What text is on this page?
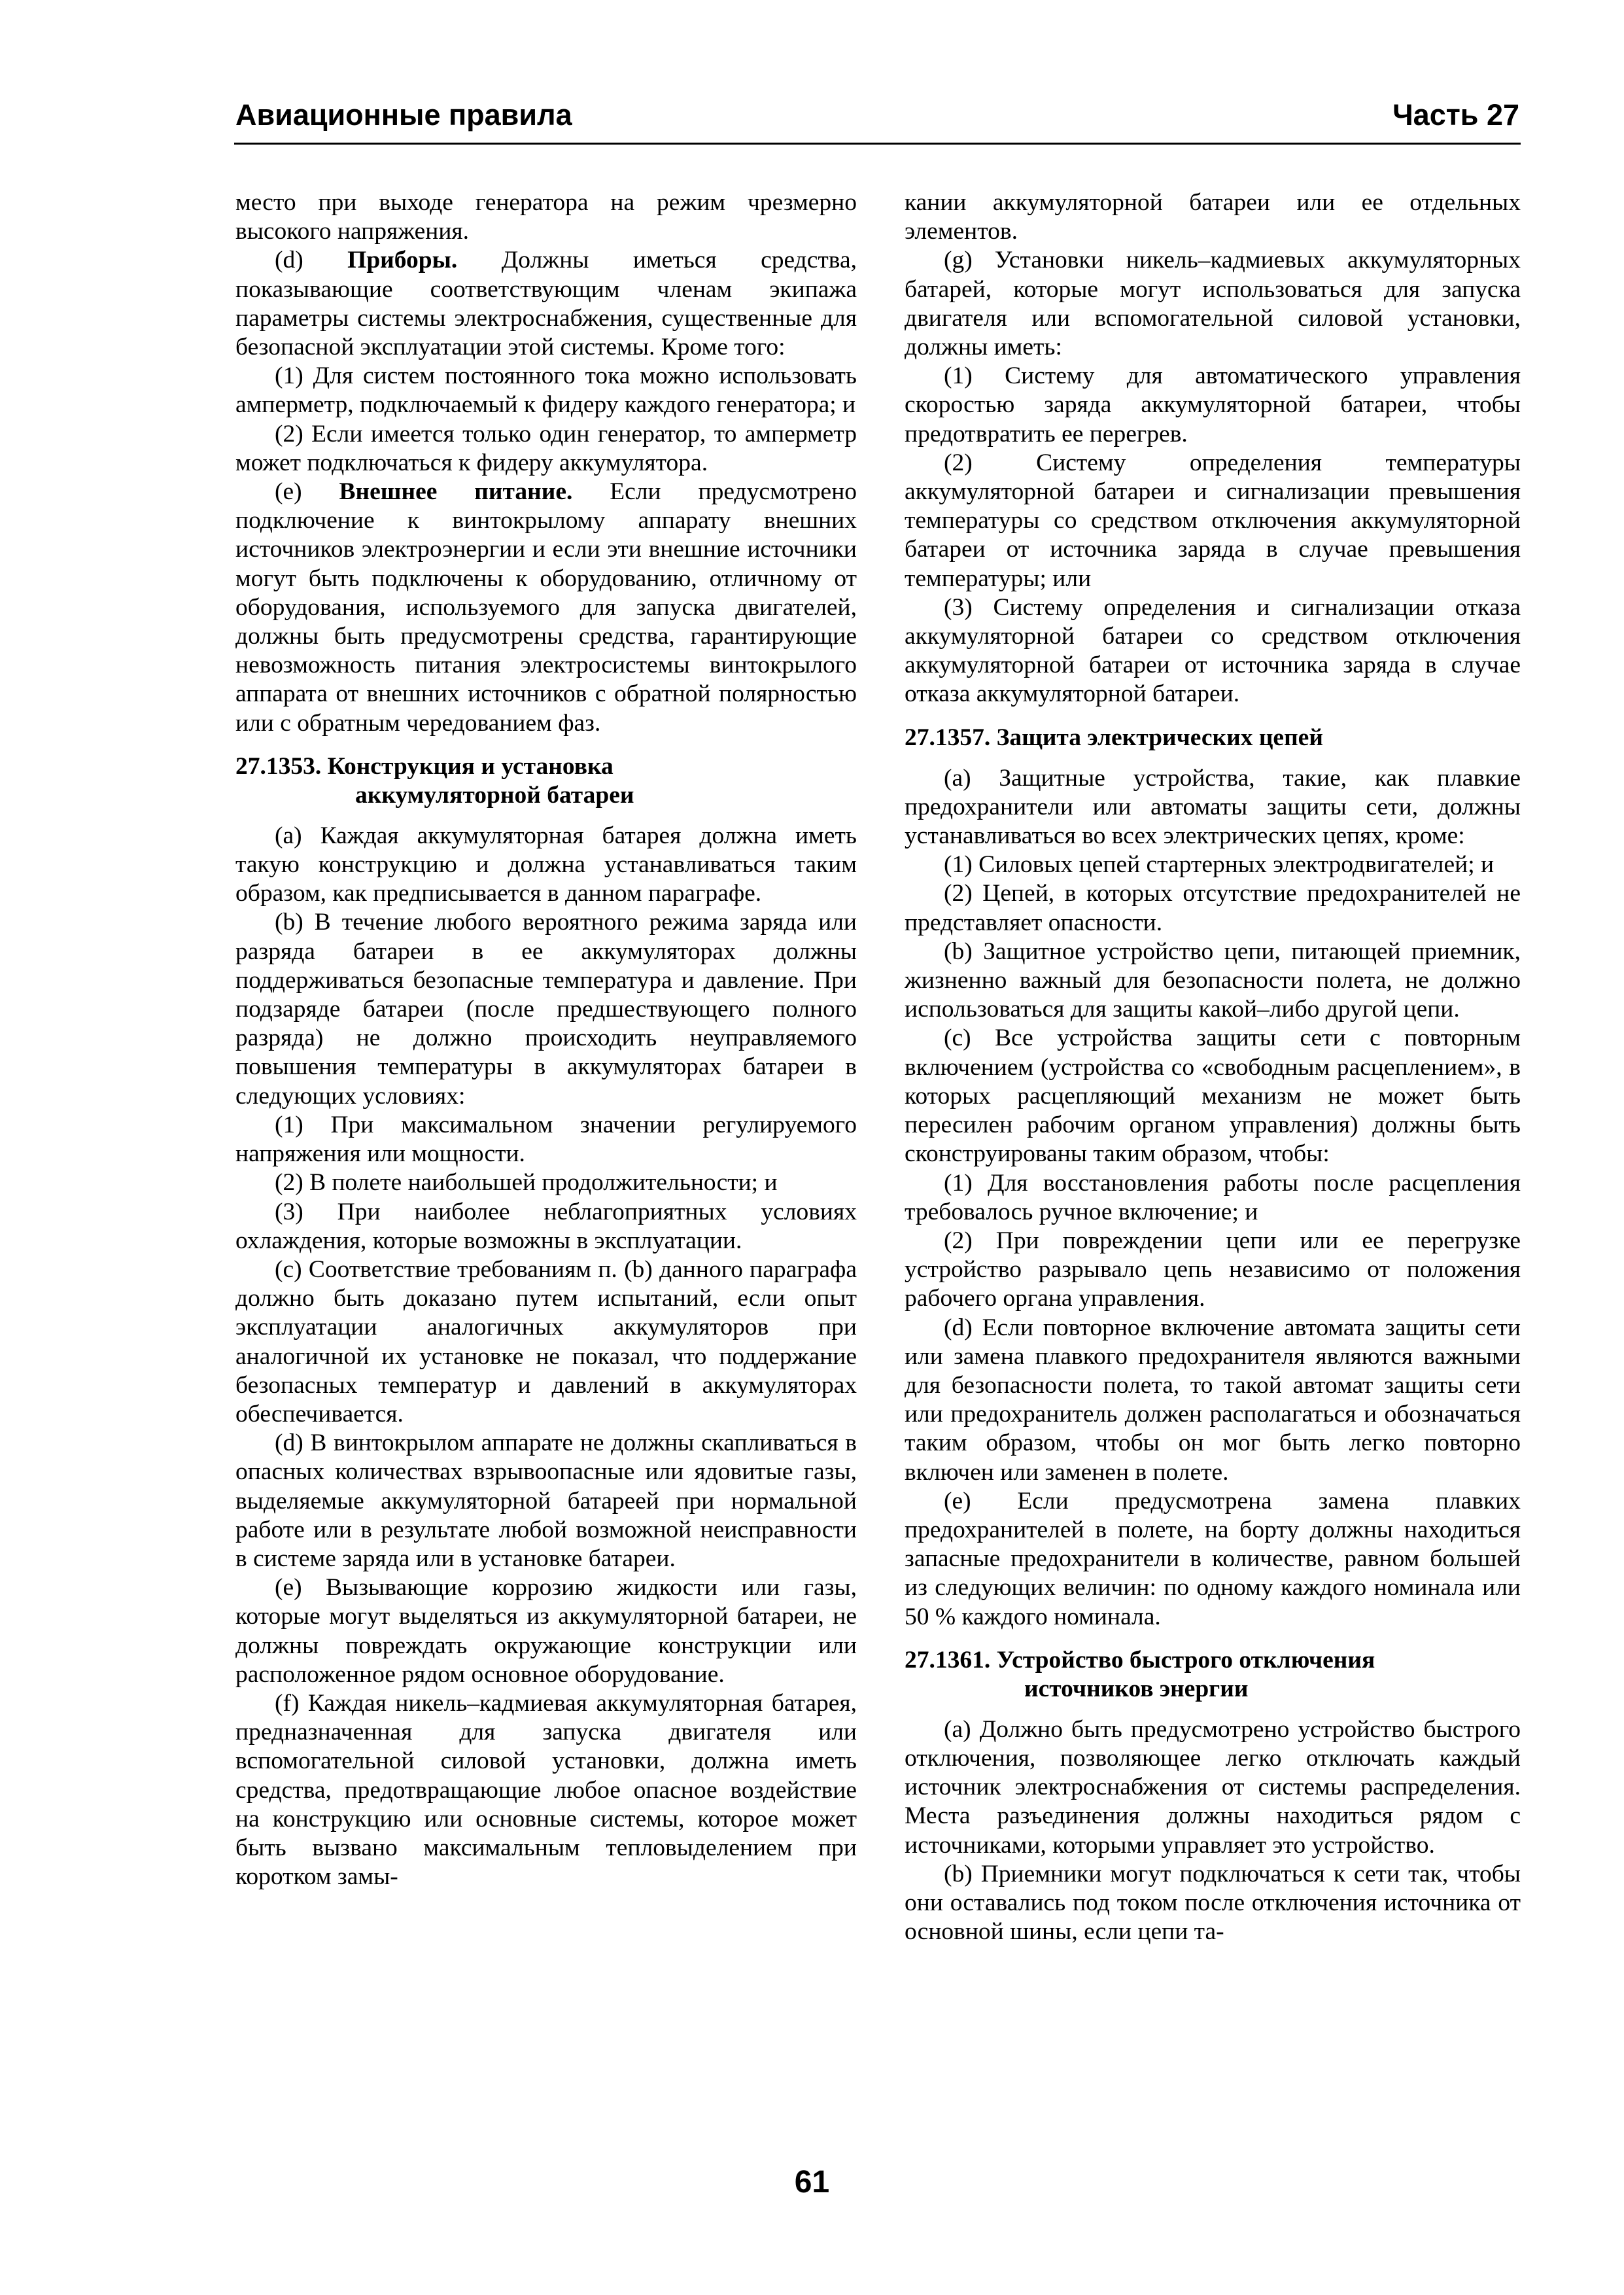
Авиационные правила	Часть 27

место при выходе генератора на режим чрезмерно высокого напряжения.

(d) Приборы. Должны иметься средства, показывающие соответствующим членам экипажа параметры системы электроснабжения, существенные для безопасной эксплуатации этой системы. Кроме того:

(1) Для систем постоянного тока можно использовать амперметр, подключаемый к фидеру каждого генератора; и

(2) Если имеется только один генератор, то амперметр может подключаться к фидеру аккумулятора.

(e) Внешнее питание. Если предусмотрено подключение к винтокрылому аппарату внешних источников электроэнергии и если эти внешние источники могут быть подключены к оборудованию, отличному от оборудования, используемого для запуска двигателей, должны быть предусмотрены средства, гарантирующие невозможность питания электросистемы винтокрылого аппарата от внешних источников с обратной полярностью или с обратным чередованием фаз.

27.1353. Конструкция и установка
аккумуляторной батареи

(a) Каждая аккумуляторная батарея должна иметь такую конструкцию и должна устанавливаться таким образом, как предписывается в данном параграфе.

(b) В течение любого вероятного режима заряда или разряда батареи в ее аккумуляторах должны поддерживаться безопасные температура и давление. При подзаряде батареи (после предшествующего полного разряда) не должно происходить неуправляемого повышения температуры в аккумуляторах батареи в следующих условиях:

(1) При максимальном значении регулируемого напряжения или мощности.

(2) В полете наибольшей продолжительности; и

(3) При наиболее неблагоприятных условиях охлаждения, которые возможны в эксплуатации.

(c) Соответствие требованиям п. (b) данного параграфа должно быть доказано путем испытаний, если опыт эксплуатации аналогичных аккумуляторов при аналогичной их установке не показал, что поддержание безопасных температур и давлений в аккумуляторах обеспечивается.

(d) В винтокрылом аппарате не должны скапливаться в опасных количествах взрывоопасные или ядовитые газы, выделяемые аккумуляторной батареей при нормальной работе или в результате любой возможной неисправности в системе заряда или в установке батареи.

(e) Вызывающие коррозию жидкости или газы, которые могут выделяться из аккумуляторной батареи, не должны повреждать окружающие конструкции или расположенное рядом основное оборудование.

(f) Каждая никель–кадмиевая аккумуляторная батарея, предназначенная для запуска двигателя или вспомогательной силовой установки, должна иметь средства, предотвращающие любое опасное воздействие на конструкцию или основные системы, которое может быть вызвано максимальным тепловыделением при коротком замы-

кании аккумуляторной батареи или ее отдельных элементов.

(g) Установки никель–кадмиевых аккумуляторных батарей, которые могут использоваться для запуска двигателя или вспомогательной силовой установки, должны иметь:

(1) Систему для автоматического управления скоростью заряда аккумуляторной батареи, чтобы предотвратить ее перегрев.

(2) Систему определения температуры аккумуляторной батареи и сигнализации превышения температуры со средством отключения аккумуляторной батареи от источника заряда в случае превышения температуры; или

(3) Систему определения и сигнализации отказа аккумуляторной батареи со средством отключения аккумуляторной батареи от источника заряда в случае отказа аккумуляторной батареи.

27.1357. Защита электрических цепей

(a) Защитные устройства, такие, как плавкие предохранители или автоматы защиты сети, должны устанавливаться во всех электрических цепях, кроме:

(1) Силовых цепей стартерных электродвигателей; и

(2) Цепей, в которых отсутствие предохранителей не представляет опасности.

(b) Защитное устройство цепи, питающей приемник, жизненно важный для безопасности полета, не должно использоваться для защиты какой–либо другой цепи.

(c) Все устройства защиты сети с повторным включением (устройства со «свободным расцеплением», в которых расцепляющий механизм не может быть пересилен рабочим органом управления) должны быть сконструированы таким образом, чтобы:

(1) Для восстановления работы после расцепления требовалось ручное включение; и

(2) При повреждении цепи или ее перегрузке устройство разрывало цепь независимо от положения рабочего органа управления.

(d) Если повторное включение автомата защиты сети или замена плавкого предохранителя являются важными для безопасности полета, то такой автомат защиты сети или предохранитель должен располагаться и обозначаться таким образом, чтобы он мог быть легко повторно включен или заменен в полете.

(e) Если предусмотрена замена плавких предохранителей в полете, на борту должны находиться запасные предохранители в количестве, равном большей из следующих величин: по одному каждого номинала или 50 % каждого номинала.

27.1361. Устройство быстрого отключения
источников энергии

(a) Должно быть предусмотрено устройство быстрого отключения, позволяющее легко отключать каждый источник электроснабжения от системы распределения. Места разъединения должны находиться рядом с источниками, которыми управляет это устройство.

(b) Приемники могут подключаться к сети так, чтобы они оставались под током после отключения источника от основной шины, если цепи та-

61
